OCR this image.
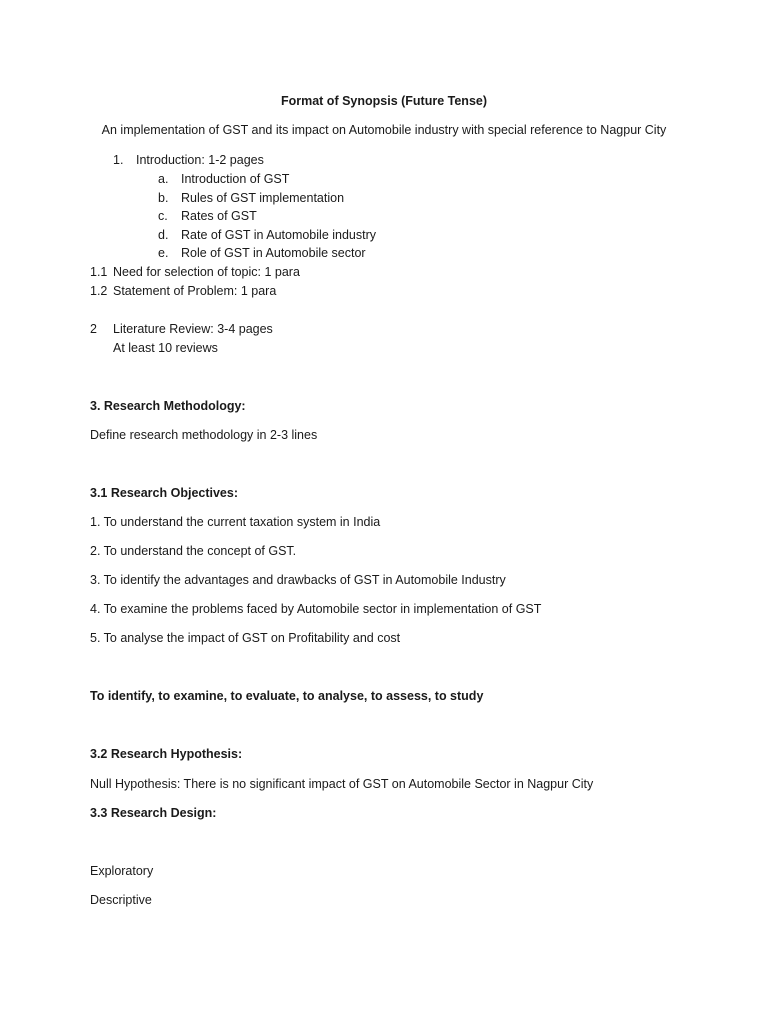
Format of Synopsis (Future Tense)
An implementation of GST and its impact on Automobile industry with special reference to Nagpur City
1. Introduction: 1-2 pages
a. Introduction of GST
b. Rules of GST implementation
c. Rates of GST
d. Rate of GST in Automobile industry
e. Role of GST in Automobile sector
1.1 Need for selection of topic: 1 para
1.2 Statement of Problem: 1 para
2 Literature Review: 3-4 pages
At least 10 reviews
3. Research Methodology:
Define research methodology in 2-3 lines
3.1 Research Objectives:
1. To understand the current taxation system in India
2. To understand the concept of GST.
3. To identify the advantages and drawbacks of GST in Automobile Industry
4. To examine the problems faced by Automobile sector in implementation of GST
5. To analyse the impact of GST on Profitability and cost
To identify, to examine, to evaluate, to analyse, to assess, to study
3.2 Research Hypothesis:
Null Hypothesis: There is no significant impact of GST on Automobile Sector in Nagpur City
3.3 Research Design:
Exploratory
Descriptive
